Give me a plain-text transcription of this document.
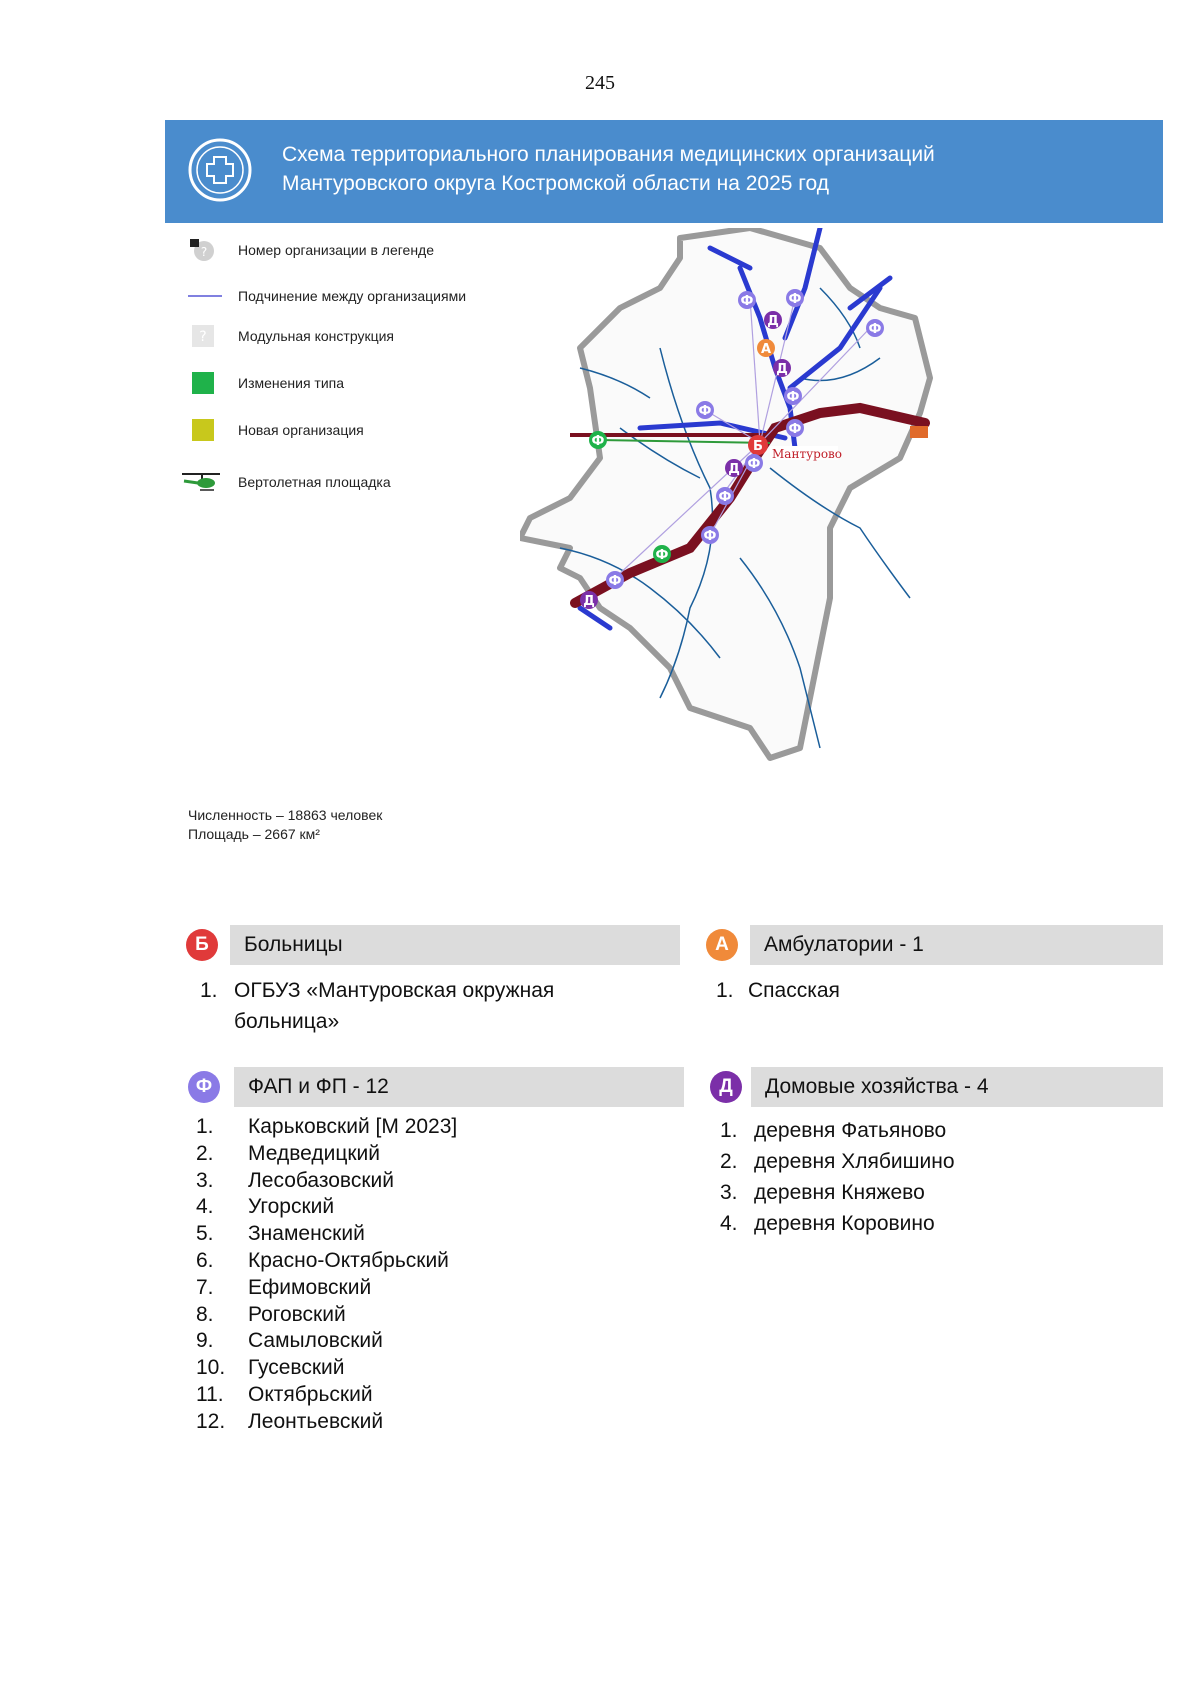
245
Схема территориального планирования медицинских организаций
Мантуровского округа Костромской области на 2025 год
? Номер организации в легенде
Подчинение между организациями
? Модульная конструкция
Изменения типа
Новая организация
Вертолетная площадка
Ф	Ф
Ф
Д
А
Д
Ф
Ф
Ф
Ф	Б
Ф
Д
Ф
Ф
Ф
Ф
Д
Мантурово
Численность – 18863 человек
Площадь – 2667 км²
Б	Больницы
1. ОГБУЗ «Мантуровская окружная
больница»
А	Амбулатории - 1
1. Спасская
Ф	ФАП и ФП - 12
1. Карьковский [М 2023]
2. Медведицкий
3. Лесобазовский
4. Угорский
5. Знаменский
6. Красно-Октябрьский
7. Ефимовский
8. Роговский
9. Самыловский
10. Гусевский
11. Октябрьский
12. Леонтьевский
Д	Домовые хозяйства - 4
1. деревня Фатьяново
2. деревня Хлябишино
3. деревня Княжево
4. деревня Коровино
